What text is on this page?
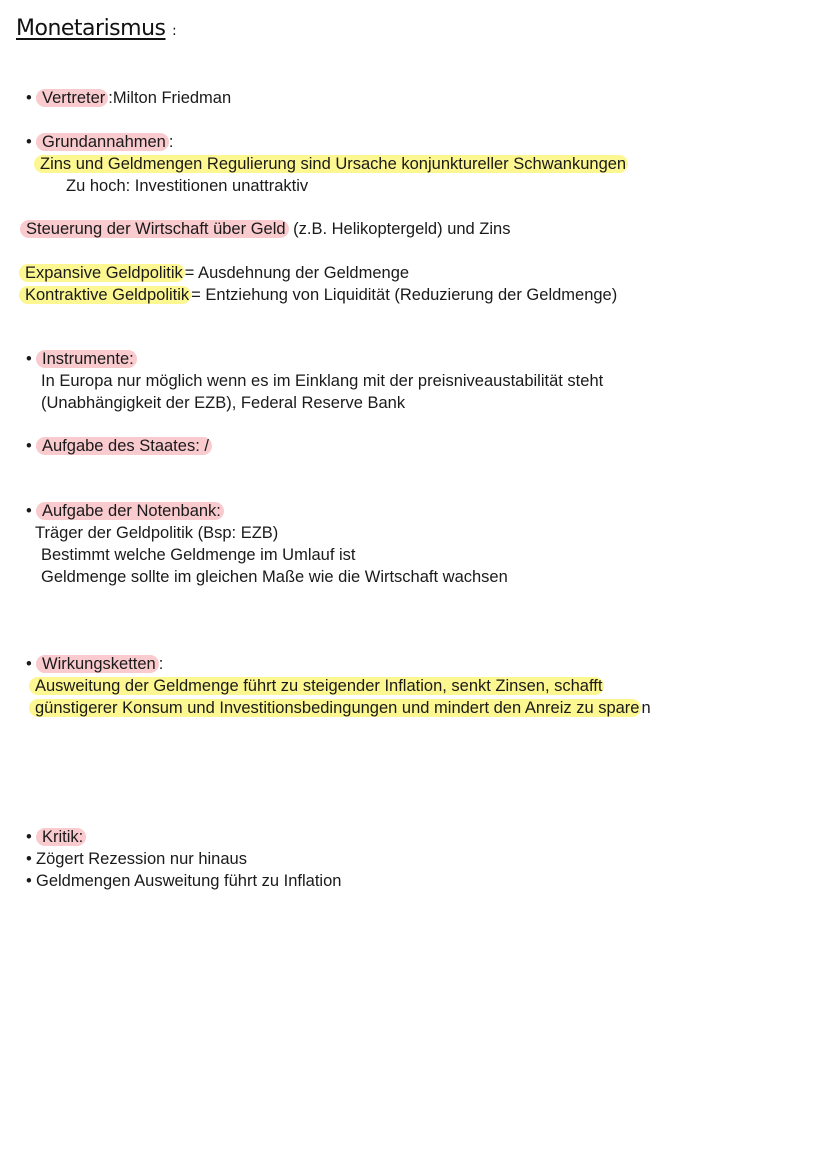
Monetarismus :
• Vertreter :Milton Friedman
• Grundannahmen :
Zins und Geldmengen Regulierung sind Ursache konjunktureller Schwankungen
Zu hoch: Investitionen unattraktiv
Steuerung der Wirtschaft über Geld (z.B. Helikoptergeld) und Zins
Expansive Geldpolitik = Ausdehnung der Geldmenge
Kontraktive Geldpolitik = Entziehung von Liquidität (Reduzierung der Geldmenge)
• Instrumente:
In Europa nur möglich wenn es im Einklang mit der preisniveaustabilität steht
(Unabhängigkeit der EZB), Federal Reserve Bank
• Aufgabe des Staates: /
• Aufgabe der Notenbank:
Träger der Geldpolitik (Bsp: EZB)
Bestimmt welche Geldmenge im Umlauf ist
Geldmenge sollte im gleichen Maße wie die Wirtschaft wachsen
• Wirkungsketten :
Ausweitung der Geldmenge führt zu steigender Inflation, senkt Zinsen, schafft
günstigerer Konsum und Investitionsbedingungen und mindert den Anreiz zu spare n
• Kritik:
• Zögert Rezession nur hinaus
• Geldmengen Ausweitung führt zu Inflation
